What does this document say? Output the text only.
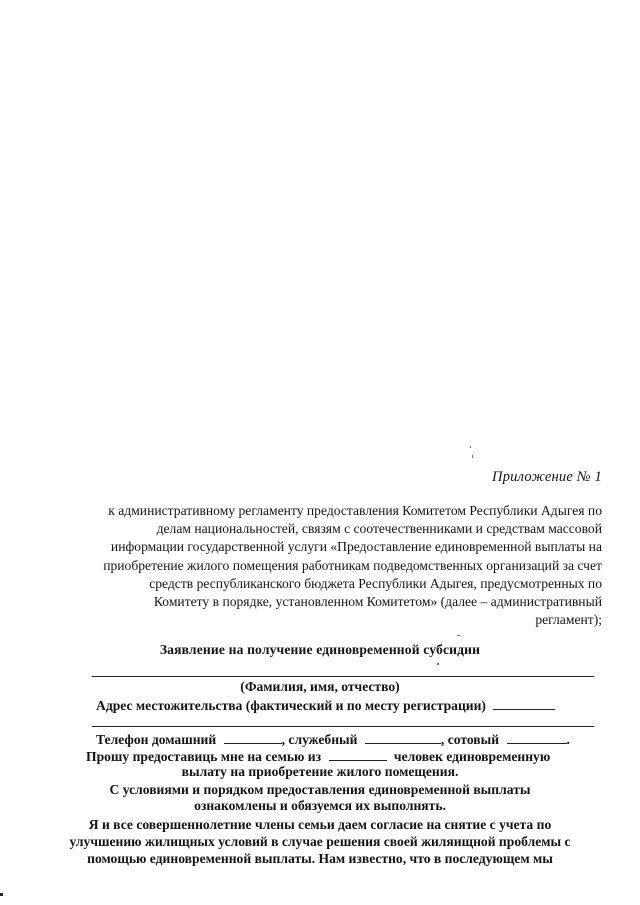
Приложение № 1
к административному регламенту предоставления Комитетом Республики Адыгея по
делам национальностей, связям с соотечественниками и средствам массовой
информации государственной услуги «Предоставление единовременной выплаты на
приобретение жилого помещения работникам подведомственных организаций за счет
средств республиканского бюджета Республики Адыгея, предусмотренных по
Комитету в порядке, установленном Комитетом» (далее – административный
регламент);
Заявление на получение единовременной субсидии
(Фамилия, имя, отчество)
Адрес местожительства (фактический и по месту регистрации)
Телефон домашний	, служебный	, сотовый	.
Прошу предоставиць мне на семью из	человек единовременную
вылату на приобретение жилого помещения.
С условиями и порядком предоставления единовременной выплаты
ознакомлены и обязуемся их выполнять.
Я и все совершеннолетние члены семьи даем согласие на снятие с учета по
улучшению жилищных условий в случае решения своей жиляищной проблемы с
помощью единовременной выплаты. Нам известно, что в последующем мы
